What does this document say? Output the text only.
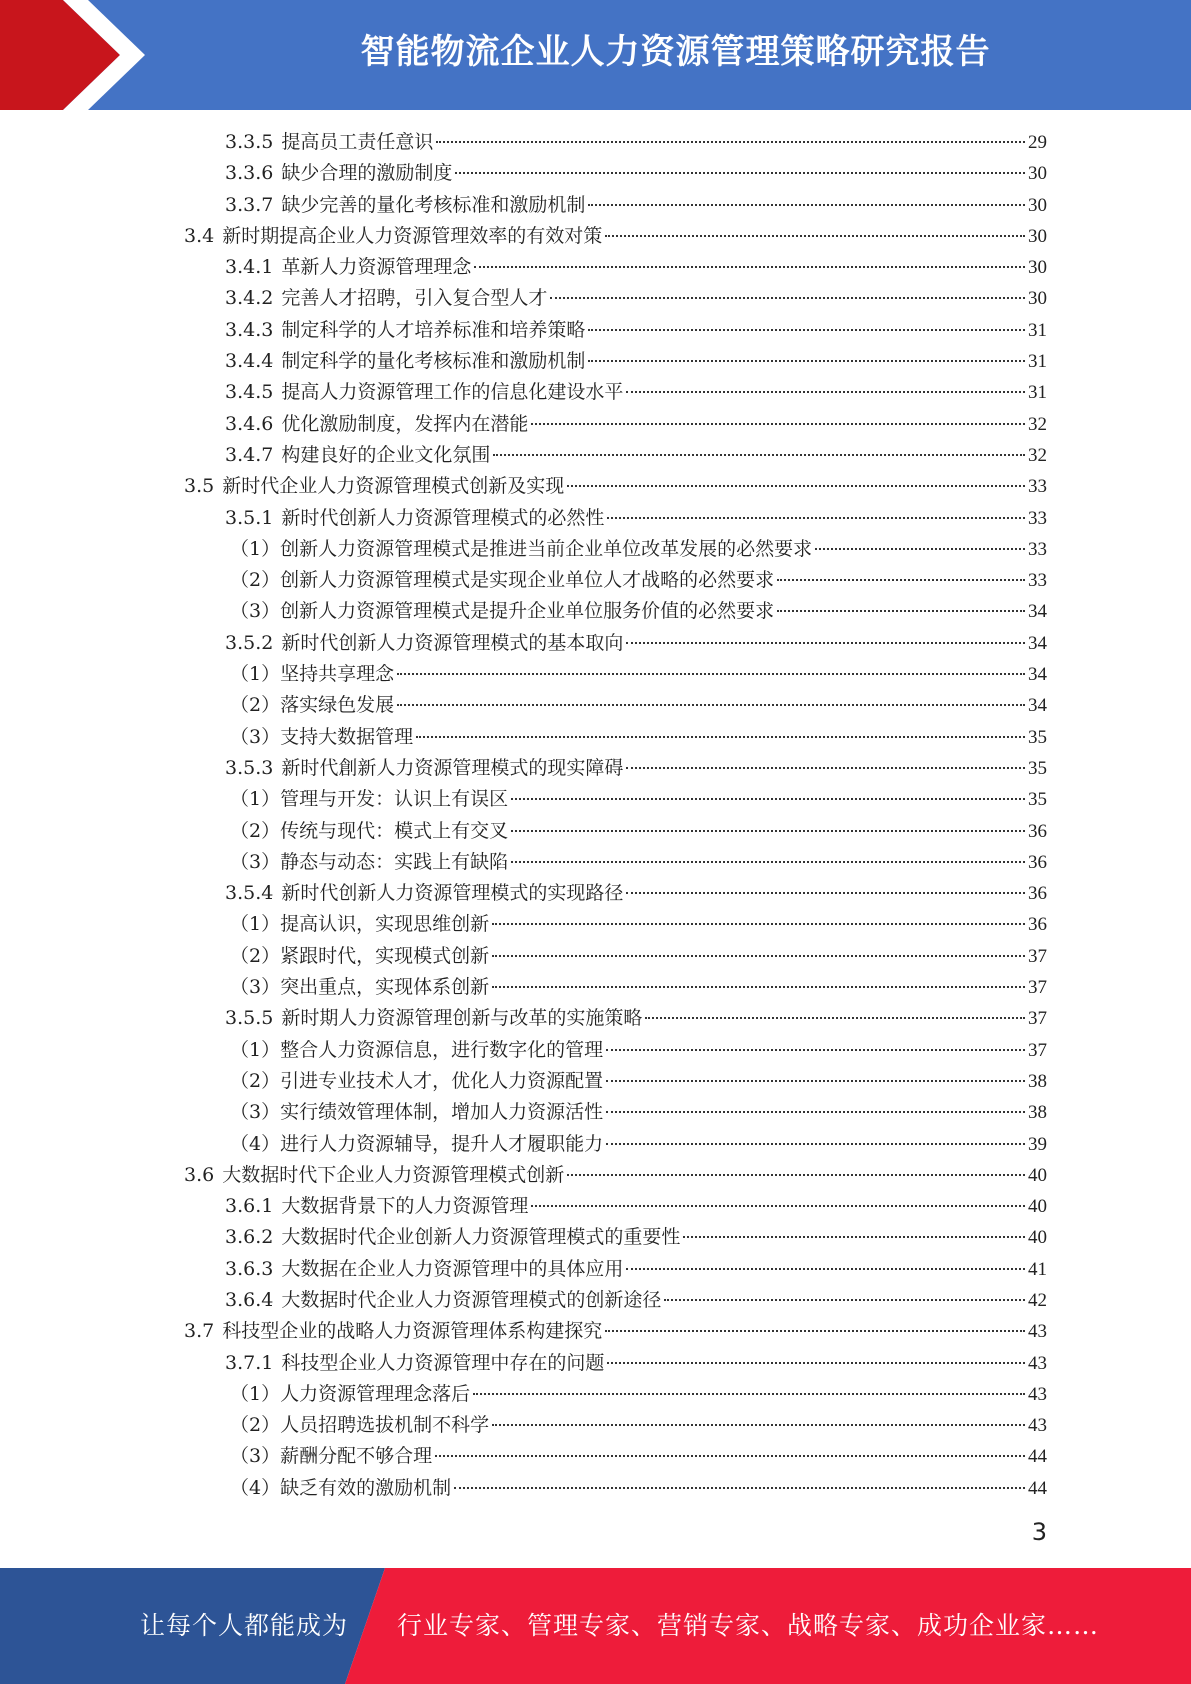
智能物流企业人力资源管理策略研究报告
3.3.5 提高员工责任意识	29
3.3.6 缺少合理的激励制度	30
3.3.7 缺少完善的量化考核标准和激励机制	30
3.4 新时期提高企业人力资源管理效率的有效对策	30
3.4.1 革新人力资源管理理念	30
3.4.2 完善人才招聘，引入复合型人才	30
3.4.3 制定科学的人才培养标准和培养策略	31
3.4.4 制定科学的量化考核标准和激励机制	31
3.4.5 提高人力资源管理工作的信息化建设水平	31
3.4.6 优化激励制度，发挥内在潜能	32
3.4.7 构建良好的企业文化氛围	32
3.5 新时代企业人力资源管理模式创新及实现	33
3.5.1 新时代创新人力资源管理模式的必然性	33
（1）创新人力资源管理模式是推进当前企业单位改革发展的必然要求	33
（2）创新人力资源管理模式是实现企业单位人才战略的必然要求	33
（3）创新人力资源管理模式是提升企业单位服务价值的必然要求	34
3.5.2 新时代创新人力资源管理模式的基本取向	34
（1）坚持共享理念	34
（2）落实绿色发展	34
（3）支持大数据管理	35
3.5.3 新时代創新人力资源管理模式的现实障碍	35
（1）管理与开发：认识上有误区	35
（2）传统与现代：模式上有交叉	36
（3）静态与动态：实践上有缺陷	36
3.5.4 新时代创新人力资源管理模式的实现路径	36
（1）提高认识，实现思维创新	36
（2）紧跟时代，实现模式创新	37
（3）突出重点，实现体系创新	37
3.5.5 新时期人力资源管理创新与改革的实施策略	37
（1）整合人力资源信息，进行数字化的管理	37
（2）引进专业技术人才，优化人力资源配置	38
（3）实行绩效管理体制，增加人力资源活性	38
（4）进行人力资源辅导，提升人才履职能力	39
3.6 大数据时代下企业人力资源管理模式创新	40
3.6.1 大数据背景下的人力资源管理	40
3.6.2 大数据时代企业创新人力资源管理模式的重要性	40
3.6.3 大数据在企业人力资源管理中的具体应用	41
3.6.4 大数据时代企业人力资源管理模式的创新途径	42
3.7 科技型企业的战略人力资源管理体系构建探究	43
3.7.1 科技型企业人力资源管理中存在的问题	43
（1）人力资源管理理念落后	43
（2）人员招聘选拔机制不科学	43
（3）薪酬分配不够合理	44
（4）缺乏有效的激励机制	44
3
让每个人都能成为 行业专家、管理专家、营销专家、战略专家、成功企业家……
